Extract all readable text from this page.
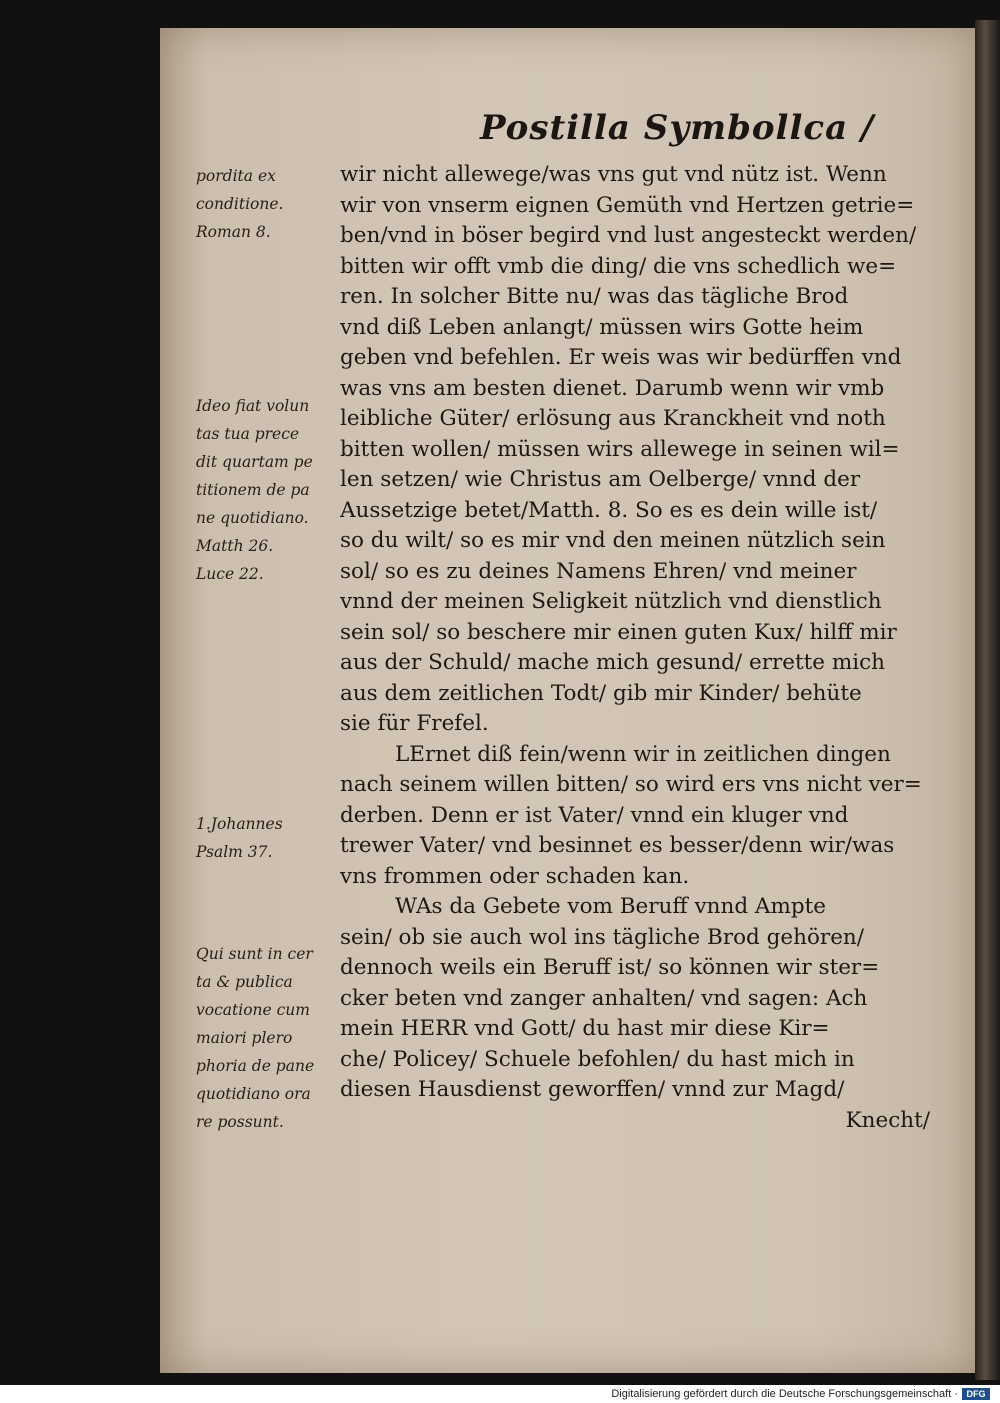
Postilla Symbollca /
wir nicht allewege/was vns gut vnd nütz ist. Wenn
wir von vnserm eignen Gemüth vnd Hertzen getrie=
ben/vnd in böser begird vnd lust angesteckt werden/
bitten wir offt vmb die ding/ die vns schedlich we=
ren. In solcher Bitte nu/ was das tägliche Brod
vnd diß Leben anlangt/ müssen wirs Gotte heim
geben vnd befehlen. Er weis was wir bedürffen vnd
was vns am besten dienet. Darumb wenn wir vmb
leibliche Güter/ erlösung aus Kranckheit vnd noth
bitten wollen/ müssen wirs allewege in seinen wil=
len setzen/ wie Christus am Oelberge/ vnnd der
Aussetzige betet/Matth. 8. So es es dein wille ist/
so du wilt/ so es mir vnd den meinen nützlich sein
sol/ so es zu deines Namens Ehren/ vnd meiner
vnnd der meinen Seligkeit nützlich vnd dienstlich
sein sol/ so beschere mir einen guten Kux/ hilff mir
aus der Schuld/ mache mich gesund/ errette mich
aus dem zeitlichen Todt/ gib mir Kinder/ behüte
sie für Frefel.
LErnet diß fein/wenn wir in zeitlichen dingen
nach seinem willen bitten/ so wird ers vns nicht ver=
derben. Denn er ist Vater/ vnnd ein kluger vnd
trewer Vater/ vnd besinnet es besser/denn wir/was
vns frommen oder schaden kan.
WAs da Gebete vom Beruff vnnd Ampte
sein/ ob sie auch wol ins tägliche Brod gehören/
dennoch weils ein Beruff ist/ so können wir ster=
cker beten vnd zanger anhalten/ vnd sagen: Ach
mein HERR vnd Gott/ du hast mir diese Kir=
che/ Policey/ Schuele befohlen/ du hast mich in
diesen Hausdienst geworffen/ vnnd zur Magd/
Knecht/
pordita ex
conditione.
Roman 8.
Ideo fiat volun
tas tua prece
dit quartam pe
titionem de pa
ne quotidiano.
Matth 26.
Luce 22.
1.Johannes
Psalm 37.
Qui sunt in cer
ta & publica
vocatione cum
maiori plero
phoria de pane
quotidiano ora
re possunt.
Digitalisierung gefördert durch die Deutsche Forschungsgemeinschaft · DFG
